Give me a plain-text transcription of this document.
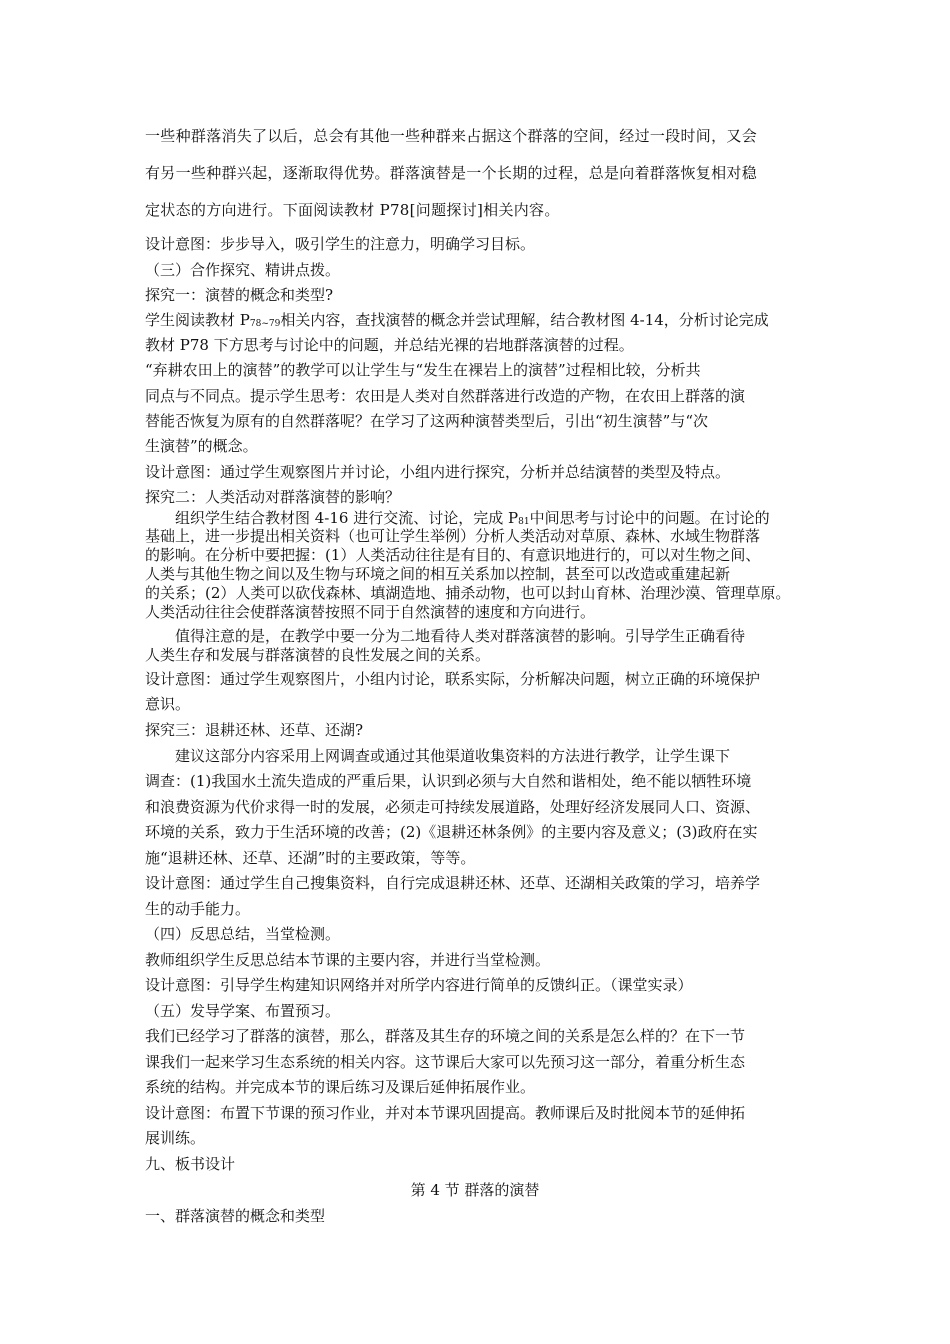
一些种群落消失了以后，总会有其他一些种群来占据这个群落的空间，经过一段时间，又会
有另一些种群兴起，逐渐取得优势。群落演替是一个长期的过程，总是向着群落恢复相对稳
定状态的方向进行。下面阅读教材 P78[问题探讨]相关内容。
设计意图：步步导入，吸引学生的注意力，明确学习目标。
（三）合作探究、精讲点拨。
探究一：演替的概念和类型?
学生阅读教材 $P_{78\sim 79}$相关内容，查找演替的概念并尝试理解，结合教材图 4-14，分析讨论完成
教材 P78 下方思考与讨论中的问题，并总结光裸的岩地群落演替的过程。
“弃耕农田上的演替”的教学可以让学生与“发生在裸岩上的演替”过程相比较，分析共
同点与不同点。提示学生思考：农田是人类对自然群落进行改造的产物，在农田上群落的演
替能否恢复为原有的自然群落呢？在学习了这两种演替类型后，引出“初生演替”与“次
生演替”的概念。
设计意图：通过学生观察图片并讨论，小组内进行探究，分析并总结演替的类型及特点。
探究二：人类活动对群落演替的影响？
组织学生结合教材图 4-16 进行交流、讨论，完成 $P_{81}$中间思考与讨论中的问题。在讨论的
基础上，进一步提出相关资料（也可让学生举例）分析人类活动对草原、森林、水域生物群落
的影响。在分析中要把握：(1）人类活动往往是有目的、有意识地进行的，可以对生物之间、
人类与其他生物之间以及生物与环境之间的相互关系加以控制，甚至可以改造或重建起新
的关系；(2）人类可以砍伐森林、填湖造地、捕杀动物，也可以封山育林、治理沙漠、管理草原。
人类活动往往会使群落演替按照不同于自然演替的速度和方向进行。
值得注意的是，在教学中要一分为二地看待人类对群落演替的影响。引导学生正确看待
人类生存和发展与群落演替的良性发展之间的关系。
设计意图：通过学生观察图片，小组内讨论，联系实际，分析解决问题，树立正确的环境保护
意识。
探究三：退耕还林、还草、还湖?
建议这部分内容采用上网调查或通过其他渠道收集资料的方法进行教学，让学生课下
调查：(1)我国水土流失造成的严重后果，认识到必须与大自然和谐相处，绝不能以牺牲环境
和浪费资源为代价求得一时的发展，必须走可持续发展道路，处理好经济发展同人口、资源、
环境的关系，致力于生活环境的改善；(2)《退耕还林条例》的主要内容及意义；(3)政府在实
施“退耕还林、还草、还湖”时的主要政策，等等。
设计意图：通过学生自己搜集资料，自行完成退耕还林、还草、还湖相关政策的学习，培养学
生的动手能力。
（四）反思总结，当堂检测。
教师组织学生反思总结本节课的主要内容，并进行当堂检测。
设计意图：引导学生构建知识网络并对所学内容进行简单的反馈纠正。（课堂实录）
（五）发导学案、布置预习。
我们已经学习了群落的演替，那么，群落及其生存的环境之间的关系是怎么样的？在下一节
课我们一起来学习生态系统的相关内容。这节课后大家可以先预习这一部分，着重分析生态
系统的结构。并完成本节的课后练习及课后延伸拓展作业。
设计意图：布置下节课的预习作业，并对本节课巩固提高。教师课后及时批阅本节的延伸拓
展训练。
九、板书设计
第 4 节 群落的演替
一、群落演替的概念和类型
